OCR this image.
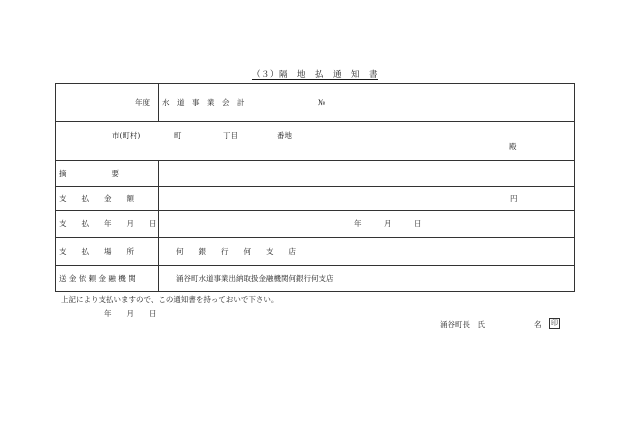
（３）隔　地　払　通　知　書
年度 水　道　事　業　会　計	№
市(町村)	町	丁目	番地
殿
摘　　　　　　要
支　　払　　金　　額	円
支　　払　　年　　月　　日	年　　　月　　　日
支　　払　　場　　所	何　　銀　　行　　何　　支　　店
送 金 依 頼 金 融 機 関	涌谷町水道事業出納取扱金融機関何銀行何支店
上記により支払いますので、この通知書を持っておいで下さい。
年　　月　　日
涌谷町長　氏	名 印
